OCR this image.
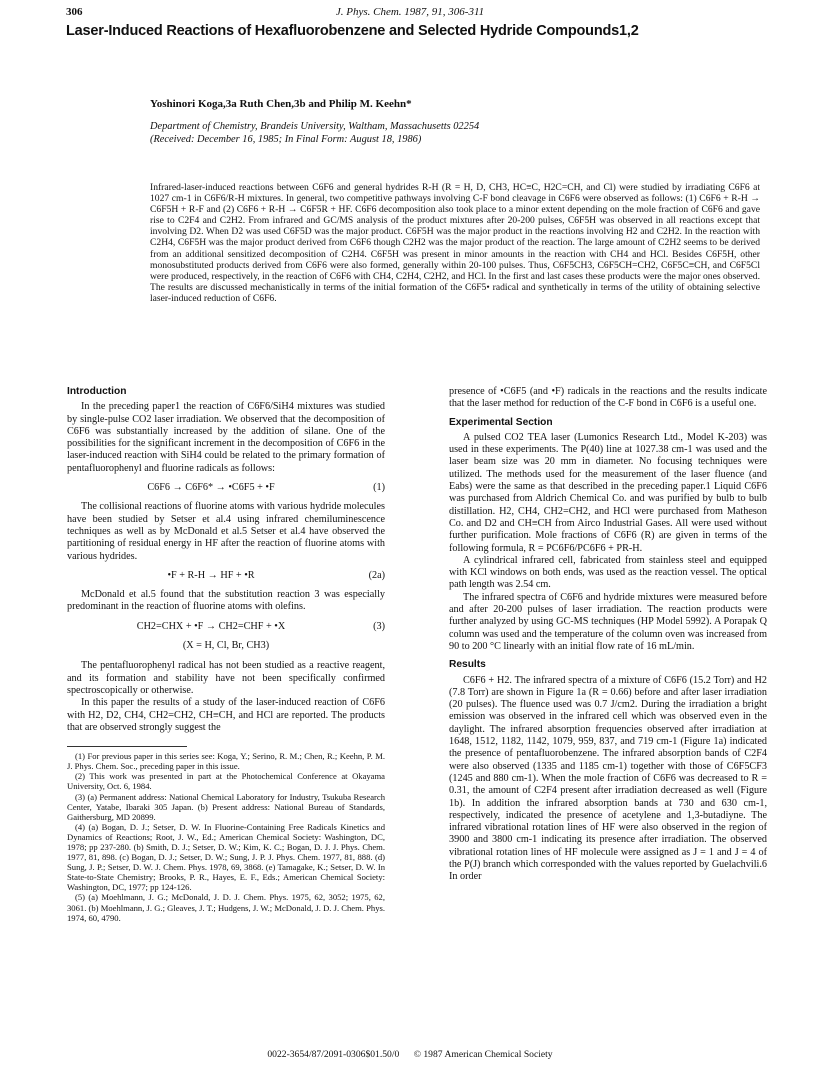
306	J. Phys. Chem. 1987, 91, 306-311
Laser-Induced Reactions of Hexafluorobenzene and Selected Hydride Compounds1,2
Yoshinori Koga,3a Ruth Chen,3b and Philip M. Keehn*
Department of Chemistry, Brandeis University, Waltham, Massachusetts 02254
(Received: December 16, 1985; In Final Form: August 18, 1986)
Infrared-laser-induced reactions between C6F6 and general hydrides R-H (R = H, D, CH3, HC≡C, H2C=CH, and Cl) were studied by irradiating C6F6 at 1027 cm-1 in C6F6/R-H mixtures. In general, two competitive pathways involving C-F bond cleavage in C6F6 were observed as follows: (1) C6F6 + R-H → C6F5H + R-F and (2) C6F6 + R-H → C6F5R + HF. C6F6 decomposition also took place to a minor extent depending on the mole fraction of C6F6 and gave rise to C2F4 and C2H2. From infrared and GC/MS analysis of the product mixtures after 20-200 pulses, C6F5H was observed in all reactions except that involving D2. When D2 was used C6F5D was the major product. C6F5H was the major product in the reactions involving H2 and C2H2. In the reaction with C2H4, C6F5H was the major product derived from C6F6 though C2H2 was the major product of the reaction. The large amount of C2H2 seems to be derived from an additional sensitized decomposition of C2H4. C6F5H was present in minor amounts in the reaction with CH4 and HCl. Besides C6F5H, other monosubstituted products derived from C6F6 were also formed, generally within 20-100 pulses. Thus, C6F5CH3, C6F5CH=CH2, C6F5C≡CH, and C6F5Cl were produced, respectively, in the reaction of C6F6 with CH4, C2H4, C2H2, and HCl. In the first and last cases these products were the major ones observed. The results are discussed mechanistically in terms of the initial formation of the C6F5• radical and synthetically in terms of the utility of obtaining selective laser-induced reduction of C6F6.
Introduction

In the preceding paper1 the reaction of C6F6/SiH4 mixtures was studied by single-pulse CO2 laser irradiation. We observed that the decomposition of C6F6 was substantially increased by the addition of silane. One of the possibilities for the significant increment in the decomposition of C6F6 in the laser-induced reaction with SiH4 could be related to the primary formation of pentafluorophenyl and fluorine radicals as follows:

C6F6 → C6F6* → •C6F5 + •F	(1)

The collisional reactions of fluorine atoms with various hydride molecules have been studied by Setser et al.4 using infrared chemiluminescence techniques as well as by McDonald et al.5 Setser et al.4 have observed the partitioning of residual energy in HF after the reaction of fluorine atoms with various hydrides.

•F + R-H → HF + •R	(2a)

McDonald et al.5 found that the substitution reaction 3 was especially predominant in the reaction of fluorine atoms with olefins.

CH2=CHX + •F → CH2=CHF + •X	(3)
(X = H, Cl, Br, CH3)

The pentafluorophenyl radical has not been studied as a reactive reagent, and its formation and stability have not been specifically confirmed spectroscopically or otherwise.

In this paper the results of a study of the laser-induced reaction of C6F6 with H2, D2, CH4, CH2=CH2, CH≡CH, and HCl are reported. The products that are observed strongly suggest the

(1) For previous paper in this series see: Koga, Y.; Serino, R. M.; Chen, R.; Keehn, P. M. J. Phys. Chem. Soc., preceding paper in this issue.
(2) This work was presented in part at the Photochemical Conference at Okayama University, Oct. 6, 1984.
(3) (a) Permanent address: National Chemical Laboratory for Industry, Tsukuba Research Center, Yatabe, Ibaraki 305 Japan. (b) Present address: National Bureau of Standards, Gaithersburg, MD 20899.
(4) (a) Bogan, D. J.; Setser, D. W. In Fluorine-Containing Free Radicals Kinetics and Dynamics of Reactions; Root, J. W., Ed.; American Chemical Society: Washington, DC, 1978; pp 237-280. (b) Smith, D. J.; Setser, D. W.; Kim, K. C.; Bogan, D. J. J. Phys. Chem. 1977, 81, 898. (c) Bogan, D. J.; Setser, D. W.; Sung, J. P. J. Phys. Chem. 1977, 81, 888. (d) Sung, J. P.; Setser, D. W. J. Chem. Phys. 1978, 69, 3868. (e) Tamagake, K.; Setser, D. W. In State-to-State Chemistry; Brooks, P. R., Hayes, E. F., Eds.; American Chemical Society: Washington, DC, 1977; pp 124-126.
(5) (a) Moehlmann, J. G.; McDonald, J. D. J. Chem. Phys. 1975, 62, 3052; 1975, 62, 3061. (b) Moehlmann, J. G.; Gleaves, J. T.; Hudgens, J. W.; McDonald, J. D. J. Chem. Phys. 1974, 60, 4790.

presence of •C6F5 (and •F) radicals in the reactions and the results indicate that the laser method for reduction of the C-F bond in C6F6 is a useful one.

Experimental Section

A pulsed CO2 TEA laser (Lumonics Research Ltd., Model K-203) was used in these experiments. The P(40) line at 1027.38 cm-1 was used and the laser beam size was 20 mm in diameter. No focusing techniques were utilized. The methods used for the measurement of the laser fluence (and Eabs) were the same as that described in the preceding paper.1 Liquid C6F6 was purchased from Aldrich Chemical Co. and was purified by bulb to bulb distillation. H2, CH4, CH2=CH2, and HCl were purchased from Matheson Co. and D2 and CH≡CH from Airco Industrial Gases. All were used without further purification. Mole fractions of C6F6 (R) are given in terms of the following formula, R = PC6F6/PC6F6 + PR-H.

A cylindrical infrared cell, fabricated from stainless steel and equipped with KCl windows on both ends, was used as the reaction vessel. The optical path length was 2.54 cm.

The infrared spectra of C6F6 and hydride mixtures were measured before and after 20-200 pulses of laser irradiation. The reaction products were further analyzed by using GC-MS techniques (HP Model 5992). A Porapak Q column was used and the temperature of the column oven was increased from 90 to 200 °C linearly with an initial flow rate of 16 mL/min.

Results

C6F6 + H2. The infrared spectra of a mixture of C6F6 (15.2 Torr) and H2 (7.8 Torr) are shown in Figure 1a (R = 0.66) before and after laser irradiation (20 pulses). The fluence used was 0.7 J/cm2. During the irradiation a bright emission was observed in the infrared cell which was observed even in the daylight. The infrared absorption frequencies observed after irradiation at 1648, 1512, 1182, 1142, 1079, 959, 837, and 719 cm-1 (Figure 1a) indicated the presence of pentafluorobenzene. The infrared absorption bands of C2F4 were also observed (1335 and 1185 cm-1) together with those of C6F5CF3 (1245 and 880 cm-1). When the mole fraction of C6F6 was decreased to R = 0.31, the amount of C2F4 present after irradiation decreased as well (Figure 1b). In addition the infrared absorption bands at 730 and 630 cm-1, respectively, indicated the presence of acetylene and 1,3-butadiyne. The infrared vibrational rotation lines of HF were also observed in the region of 3900 and 3800 cm-1 indicating its presence after irradiation. The observed vibrational rotation lines of HF molecule were assigned as J = 1 and J = 4 of the P(J) branch which corresponded with the values reported by Guelachvili.6 In order

0022-3654/87/2091-0306$01.50/0 © 1987 American Chemical Society
